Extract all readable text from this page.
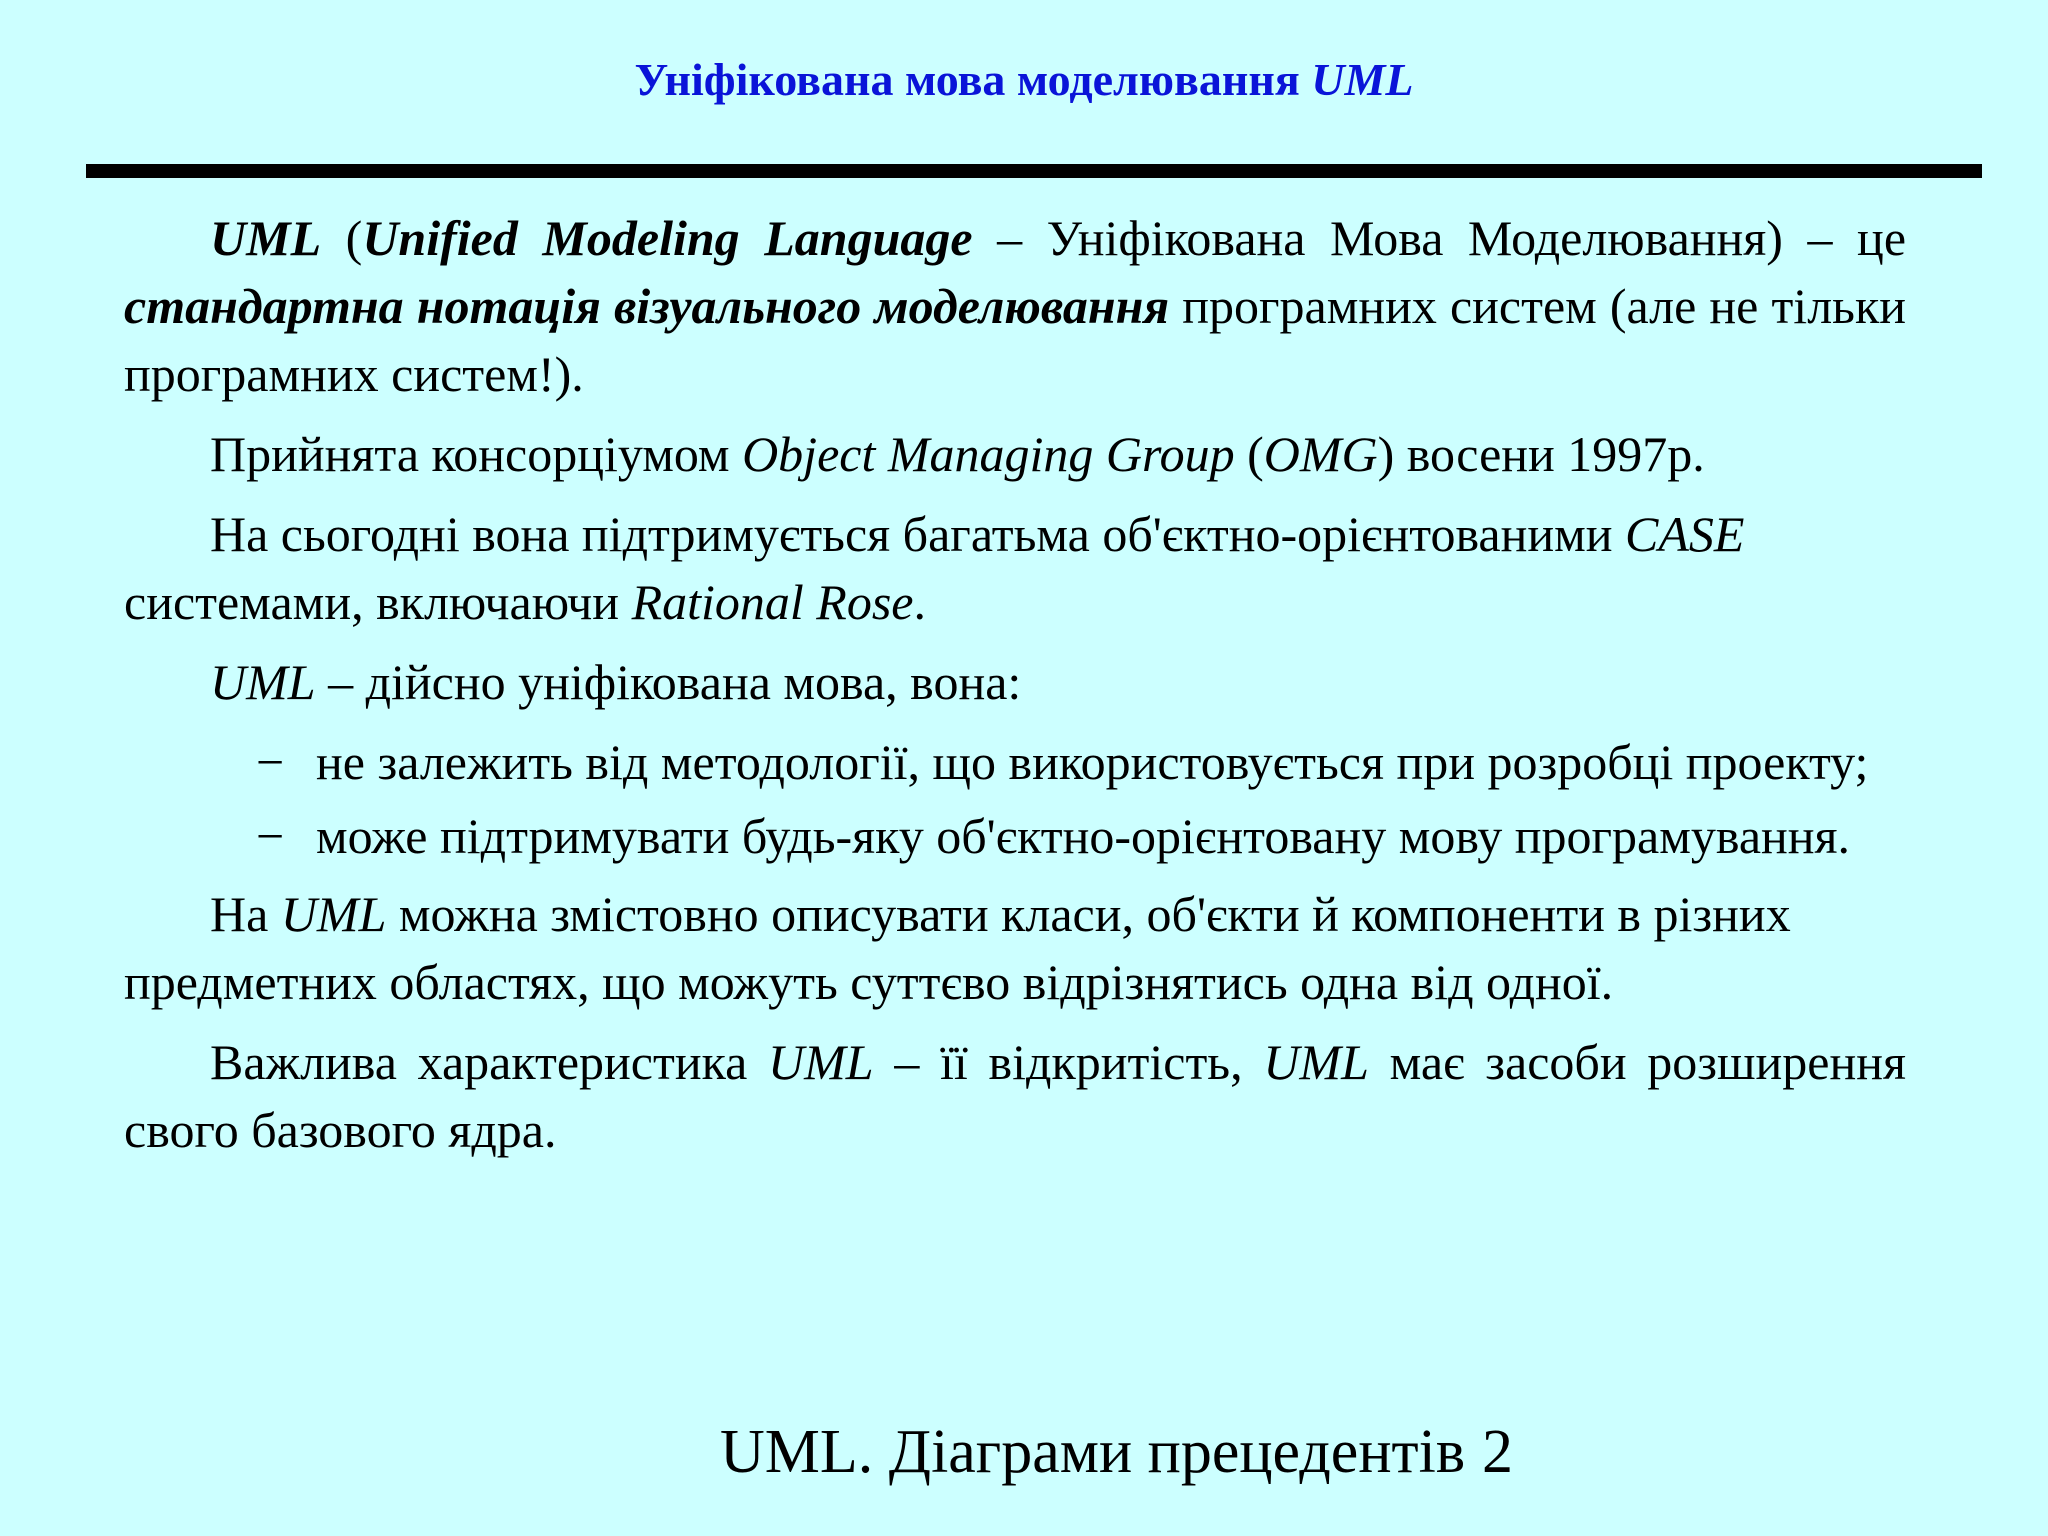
Уніфікована мова моделювання UML

UML (Unified Modeling Language – Уніфікована Мова Моделювання) – це стандартна нотація візуального моделювання програмних систем (але не тільки програмних систем!).

Прийнята консорціумом Object Managing Group (OMG) восени 1997р.

На сьогодні вона підтримується багатьма об'єктно-орієнтованими CASE системами, включаючи Rational Rose.

UML – дійсно уніфікована мова, вона:

− не залежить від методології, що використовується при розробці проекту;
− може підтримувати будь-яку об'єктно-орієнтовану мову програмування.

На UML можна змістовно описувати класи, об'єкти й компоненти в різних предметних областях, що можуть суттєво відрізнятись одна від одної.

Важлива характеристика UML – її відкритість, UML має засоби розширення свого базового ядра.

UML. Діаграми прецедентів 2
